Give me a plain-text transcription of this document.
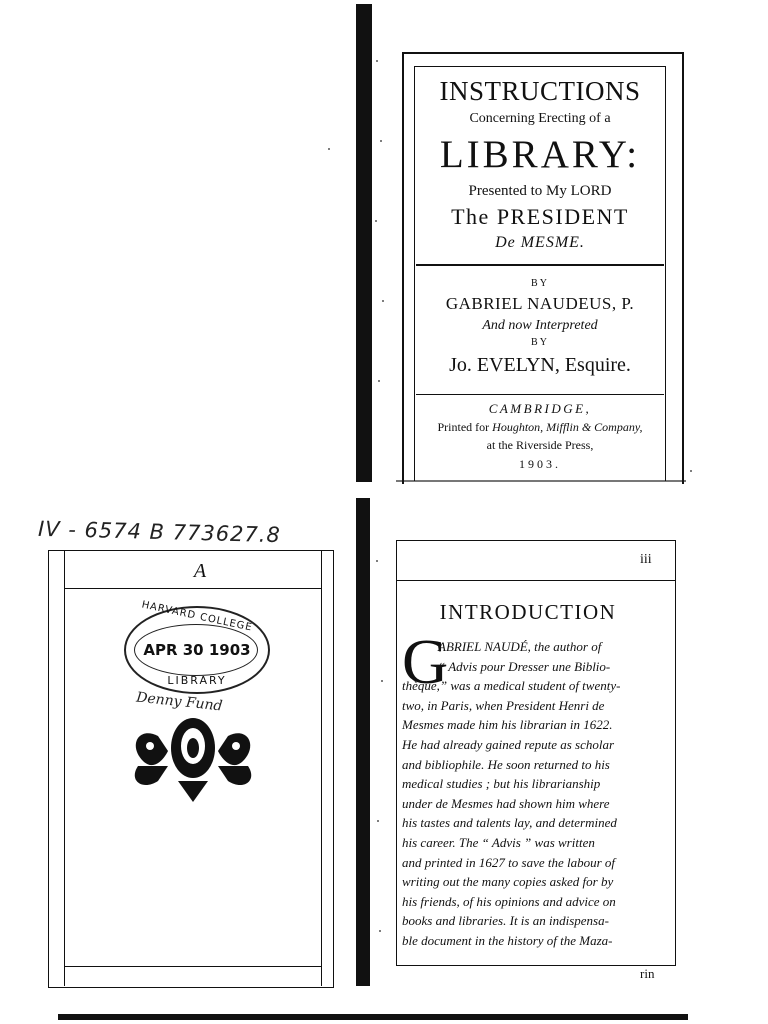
INSTRUCTIONS
Concerning Erecting of a
LIBRARY:
Presented to My LORD
The PRESIDENT
De MESME.
BY
GABRIEL NAUDEUS, P.
And now Interpreted
BY
Jo. EVELYN, Esquire.
CAMBRIDGE,
Printed for Houghton, Mifflin & Company,
at the Riverside Press,
1903.
IV - 6574 B 773627.8
A
HARVARD COLLEGE
APR 30 1903
LIBRARY
Denny Fund
iii
INTRODUCTION
G
ABRIEL NAUDÉ, the author of
“ Advis pour Dresser une Biblio-
thèque,” was a medical student of twenty-
two, in Paris, when President Henri de
Mesmes made him his librarian in 1622.
He had already gained repute as scholar
and bibliophile. He soon returned to his
medical studies ; but his librarianship
under de Mesmes had shown him where
his tastes and talents lay, and determined
his career. The “ Advis ” was written
and printed in 1627 to save the labour of
writing out the many copies asked for by
his friends, of his opinions and advice on
books and libraries. It is an indispensa-
ble document in the history of the Maza-
rin
